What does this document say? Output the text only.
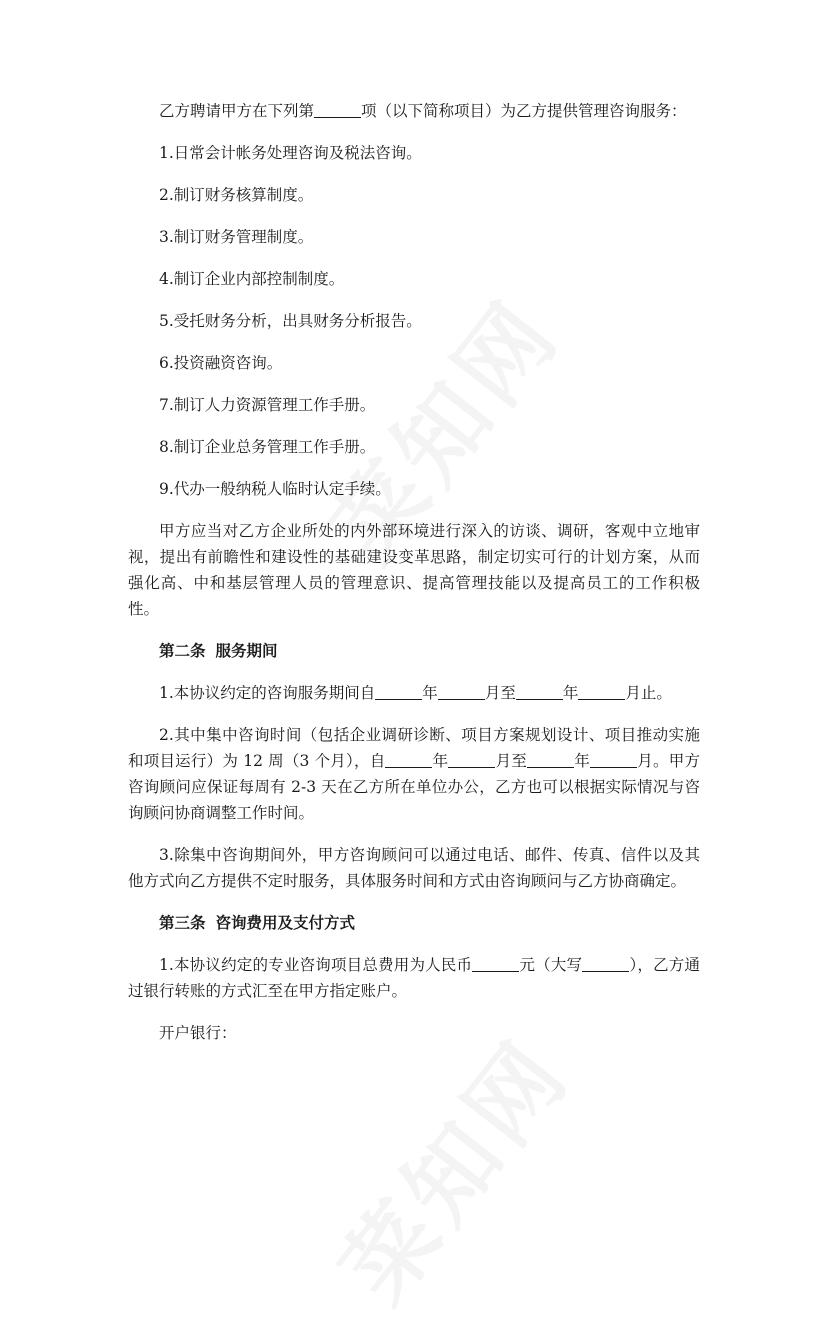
乙方聘请甲方在下列第	项（以下简称项目）为乙方提供管理咨询服务：

1.日常会计帐务处理咨询及税法咨询。

2.制订财务核算制度。

3.制订财务管理制度。

4.制订企业内部控制制度。

5.受托财务分析，出具财务分析报告。

6.投资融资咨询。

7.制订人力资源管理工作手册。

8.制订企业总务管理工作手册。

9.代办一般纳税人临时认定手续。

甲方应当对乙方企业所处的内外部环境进行深入的访谈、调研，客观中立地审视，提出有前瞻性和建设性的基础建设变革思路，制定切实可行的计划方案，从而强化高、中和基层管理人员的管理意识、提高管理技能以及提高员工的工作积极性。

第二条 服务期间

1.本协议约定的咨询服务期间自	年	月至	年	月止。

2.其中集中咨询时间（包括企业调研诊断、项目方案规划设计、项目推动实施和项目运行）为 12 周（3 个月），自	年	月至	年	月。甲方咨询顾问应保证每周有 2-3 天在乙方所在单位办公，乙方也可以根据实际情况与咨询顾问协商调整工作时间。

3.除集中咨询期间外，甲方咨询顾问可以通过电话、邮件、传真、信件以及其他方式向乙方提供不定时服务，具体服务时间和方式由咨询顾问与乙方协商确定。

第三条 咨询费用及支付方式

1.本协议约定的专业咨询项目总费用为人民币	元（大写	），乙方通过银行转账的方式汇至在甲方指定账户。

开户银行：
